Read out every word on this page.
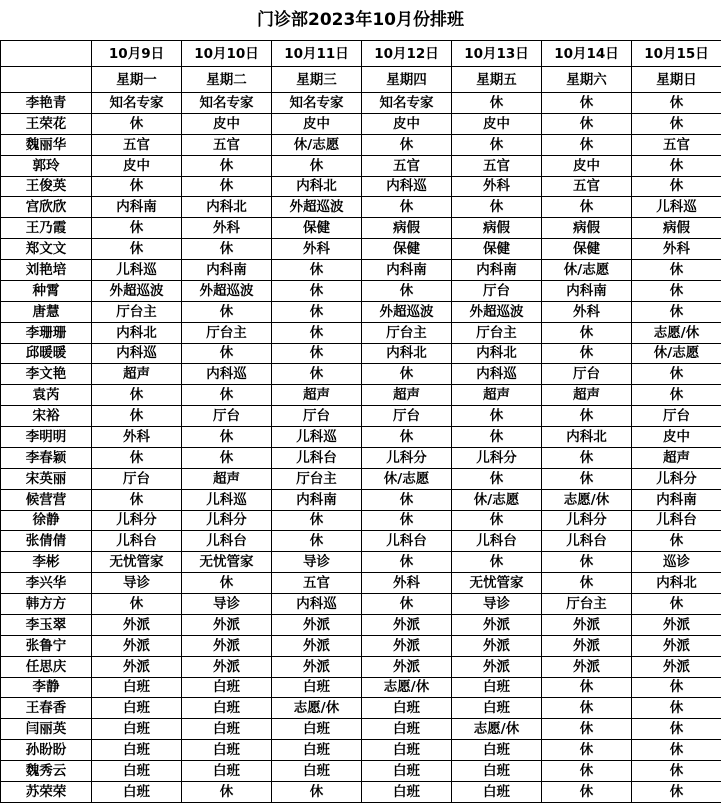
门诊部2023年10月份排班
	10月9日	10月10日	10月11日	10月12日	10月13日	10月14日	10月15日
	星期一	星期二	星期三	星期四	星期五	星期六	星期日
李艳青	知名专家	知名专家	知名专家	知名专家	休	休	休
王荣花	休	皮中	皮中	皮中	皮中	休	休
魏丽华	五官	五官	休/志愿	休	休	休	五官
郭玲	皮中	休	休	五官	五官	皮中	休
王俊英	休	休	内科北	内科巡	外科	五官	休
宫欣欣	内科南	内科北	外超巡波	休	休	休	儿科巡
王乃霞	休	外科	保健	病假	病假	病假	病假
郑文文	休	休	外科	保健	保健	保健	外科
刘艳培	儿科巡	内科南	休	内科南	内科南	休/志愿	休
种霄	外超巡波	外超巡波	休	休	厅台	内科南	休
唐慧	厅台主	休	休	外超巡波	外超巡波	外科	休
李珊珊	内科北	厅台主	休	厅台主	厅台主	休	志愿/休
邱暖暖	内科巡	休	休	内科北	内科北	休	休/志愿
李文艳	超声	内科巡	休	休	内科巡	厅台	休
袁芮	休	休	超声	超声	超声	超声	休
宋裕	休	厅台	厅台	厅台	休	休	厅台
李明明	外科	休	儿科巡	休	休	内科北	皮中
李春颖	休	休	儿科台	儿科分	儿科分	休	超声
宋英丽	厅台	超声	厅台主	休/志愿	休	休	儿科分
候营营	休	儿科巡	内科南	休	休/志愿	志愿/休	内科南
徐静	儿科分	儿科分	休	休	休	儿科分	儿科台
张倩倩	儿科台	儿科台	休	儿科台	儿科台	儿科台	休
李彬	无忧管家	无忧管家	导诊	休	休	休	巡诊
李兴华	导诊	休	五官	外科	无忧管家	休	内科北
韩方方	休	导诊	内科巡	休	导诊	厅台主	休
李玉翠	外派	外派	外派	外派	外派	外派	外派
张鲁宁	外派	外派	外派	外派	外派	外派	外派
任思庆	外派	外派	外派	外派	外派	外派	外派
李静	白班	白班	白班	志愿/休	白班	休	休
王春香	白班	白班	志愿/休	白班	白班	休	休
闫丽英	白班	白班	白班	白班	志愿/休	休	休
孙盼盼	白班	白班	白班	白班	白班	休	休
魏秀云	白班	白班	白班	白班	白班	休	休
苏荣荣	白班	休	休	白班	白班	休	休
